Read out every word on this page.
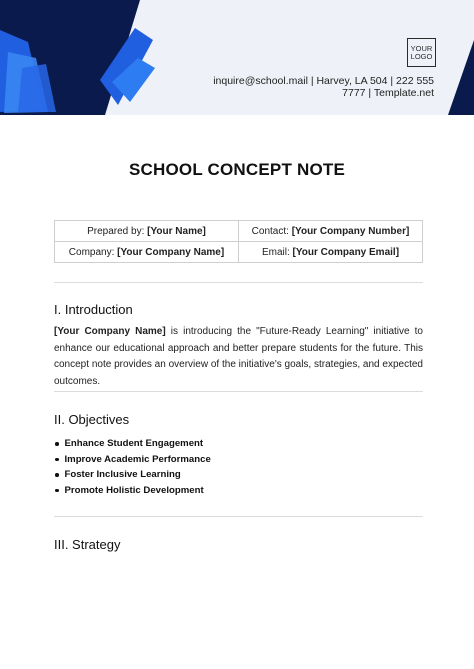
YOUR
LOGO
inquire@school.mail | Harvey, LA 504 | 222 555
7777 | Template.net
SCHOOL CONCEPT NOTE
Prepared by: [Your Name]	Contact: [Your Company Number]
Company: [Your Company Name]	Email: [Your Company Email]
I. Introduction
[Your Company Name] is introducing the "Future-Ready Learning" initiative to enhance our educational approach and better prepare students for the future. This concept note provides an overview of the initiative's goals, strategies, and expected outcomes.
II. Objectives
Enhance Student Engagement
Improve Academic Performance
Foster Inclusive Learning
Promote Holistic Development
III. Strategy
